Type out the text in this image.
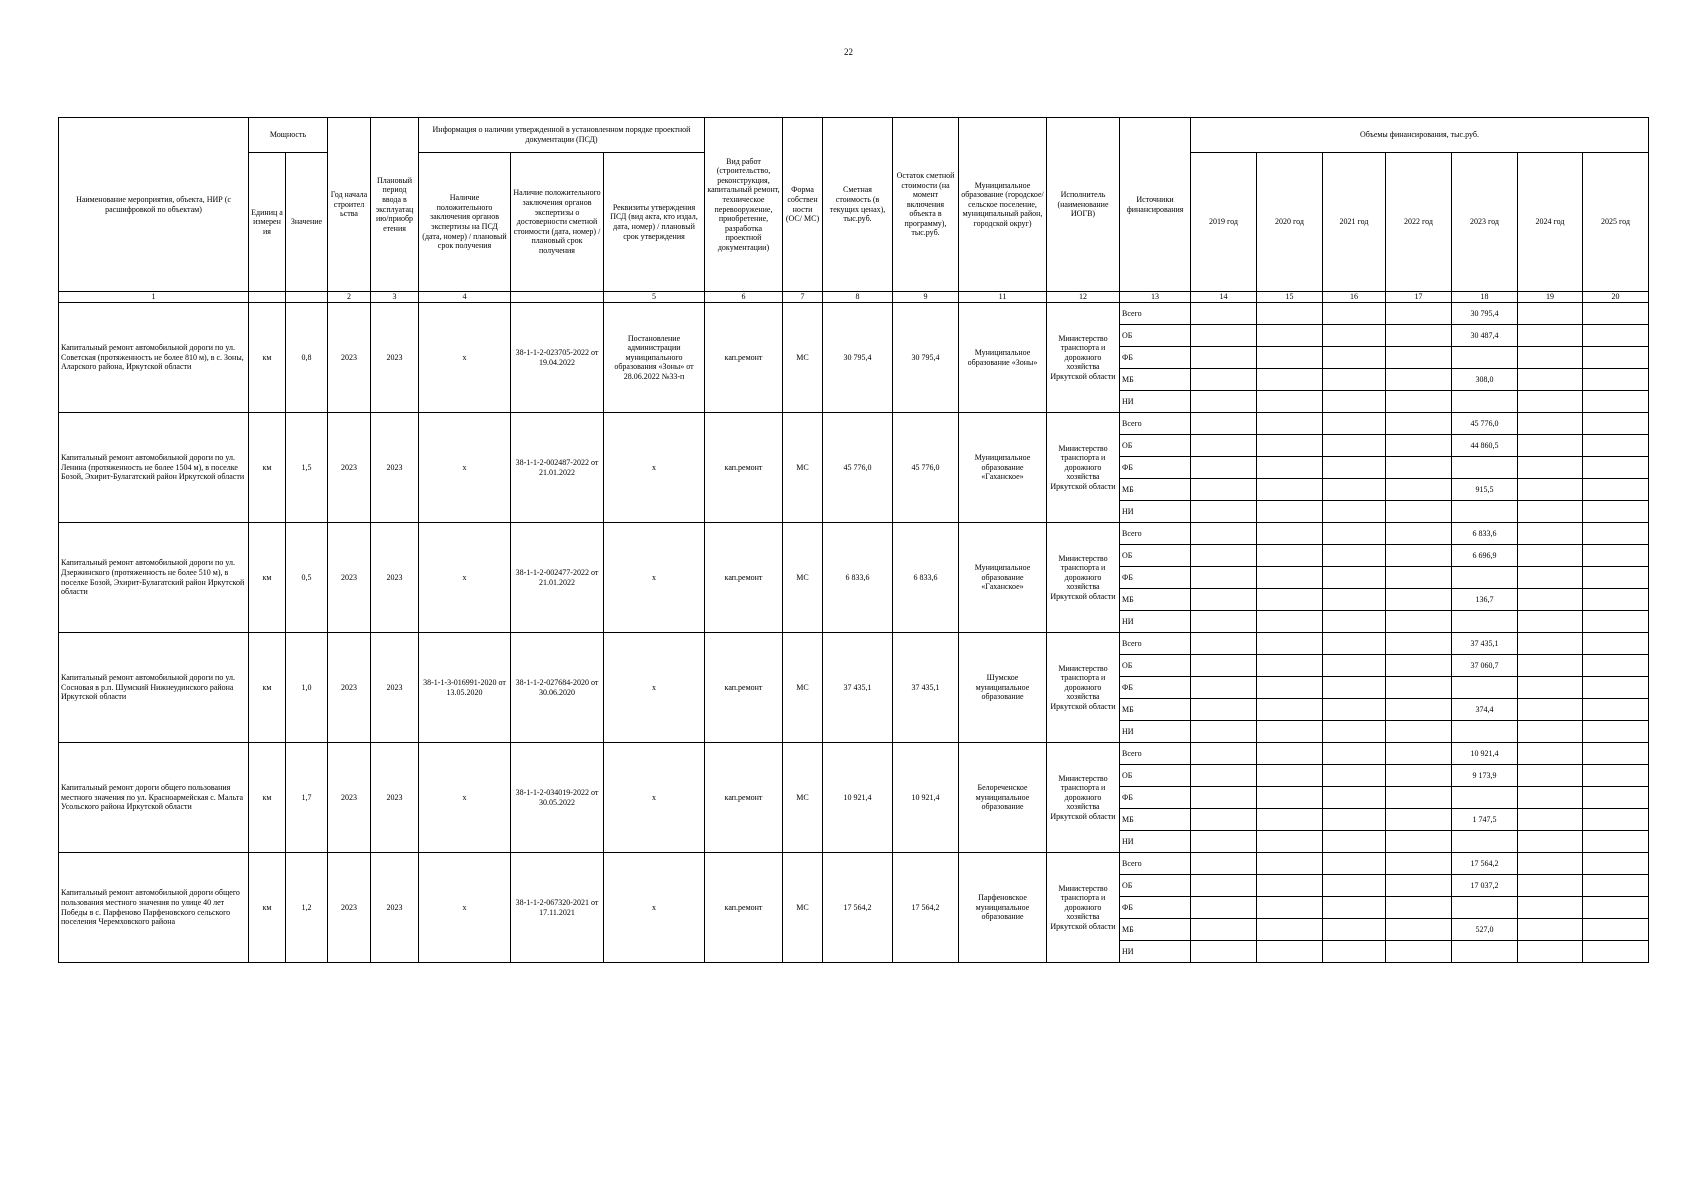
22
Наименование мероприятия, объекта, НИР (с расшифровкой по объектам)	Мощность		Год начала строител ьства	Плановый период ввода в эксплуатац ию/приобр етения	Информация о наличии утвержденной в установленном порядке проектной документации (ПСД)			Вид работ (строительство, реконструкция, капитальный ремонт, техническое перевооружение, приобретение, разработка проектной документации)	Форма собствен ности (ОС/ МС)	Сметная стоимость (в текущих ценах), тыс.руб.	Остаток сметной стоимости (на момент включения объекта в программу), тыс.руб.	Муниципальное образование (городское/сельское поселение, муниципальный район, городской округ)	Исполнитель (наименование ИОГВ)	Источники финансирования	Объемы финансирования, тыс.руб.						
	Единиц а измерен ия	Значение			Наличие положительного заключения органов экспертизы на ПСД (дата, номер) / плановый срок получения	Наличие положительного заключения органов экспертизы о достоверности сметной стоимости (дата, номер) / плановый срок получения	Реквизиты утверждения ПСД (вид акта, кто издал, дата, номер) / плановый срок утверждения								2019 год	2020 год	2021 год	2022 год	2023 год	2024 год	2025 год
1			2	3	4		5	6	7	8	9	11	12	13	14	15	16	17	18	19	20
Капитальный ремонт автомобильной дороги по ул. Советская (протяженность не более 810 м), в с. Зоны, Аларского района, Иркутской области	км	0,8	2023	2023	х	38-1-1-2-023705-2022 от 19.04.2022	Постановление администрации муниципального образования «Зоны» от 28.06.2022 №33-п	кап.ремонт	МС	30 795,4	30 795,4	Муниципальное образование «Зоны»	Министерство транспорта и дорожного хозяйства Иркутской области	Всего					30 795,4		
														ОБ					30 487,4		
														ФБ							
														МБ					308,0		
														НИ							
Капитальный ремонт автомобильной дороги по ул. Ленина (протяженность не более 1504 м), в поселке Бозой, Эхирит-Булагатский район Иркутской области	км	1,5	2023	2023	х	38-1-1-2-002487-2022 от 21.01.2022	х	кап.ремонт	МС	45 776,0	45 776,0	Муниципальное образование «Гаханское»	Министерство транспорта и дорожного хозяйства Иркутской области	Всего					45 776,0		
														ОБ					44 860,5		
														ФБ							
														МБ					915,5		
														НИ							
Капитальный ремонт автомобильной дороги по ул. Дзержинского (протяженность не более 510 м), в поселке Бозой, Эхирит-Булагатский район Иркутской области	км	0,5	2023	2023	х	38-1-1-2-002477-2022 от 21.01.2022	х	кап.ремонт	МС	6 833,6	6 833,6	Муниципальное образование «Гаханское»	Министерство транспорта и дорожного хозяйства Иркутской области	Всего					6 833,6		
														ОБ					6 696,9		
														ФБ							
														МБ					136,7		
														НИ							
Капитальный ремонт автомобильной дороги по ул. Сосновая в р.п. Шумский Нижнеудинского района Иркутской области	км	1,0	2023	2023	38-1-1-3-016991-2020 от 13.05.2020	38-1-1-2-027684-2020 от 30.06.2020	х	кап.ремонт	МС	37 435,1	37 435,1	Шумское муниципальное образование	Министерство транспорта и дорожного хозяйства Иркутской области	Всего					37 435,1		
														ОБ					37 060,7		
														ФБ							
														МБ					374,4		
														НИ							
Капитальный ремонт дороги общего пользования местного значения по ул. Красноармейская с. Мальта Усольского района Иркутской области	км	1,7	2023	2023	х	38-1-1-2-034019-2022 от 30.05.2022	х	кап.ремонт	МС	10 921,4	10 921,4	Белореченское муниципальное образование	Министерство транспорта и дорожного хозяйства Иркутской области	Всего					10 921,4		
														ОБ					9 173,9		
														ФБ							
														МБ					1 747,5		
														НИ							
Капитальный ремонт автомобильной дороги общего пользования местного значения по улице 40 лет Победы в с. Парфеново Парфеновского сельского поселения Черемховского района	км	1,2	2023	2023	х	38-1-1-2-067320-2021 от 17.11.2021	х	кап.ремонт	МС	17 564,2	17 564,2	Парфеновское муниципальное образование	Министерство транспорта и дорожного хозяйства Иркутской области	Всего					17 564,2		
														ОБ					17 037,2		
														ФБ							
														МБ					527,0		
														НИ							
